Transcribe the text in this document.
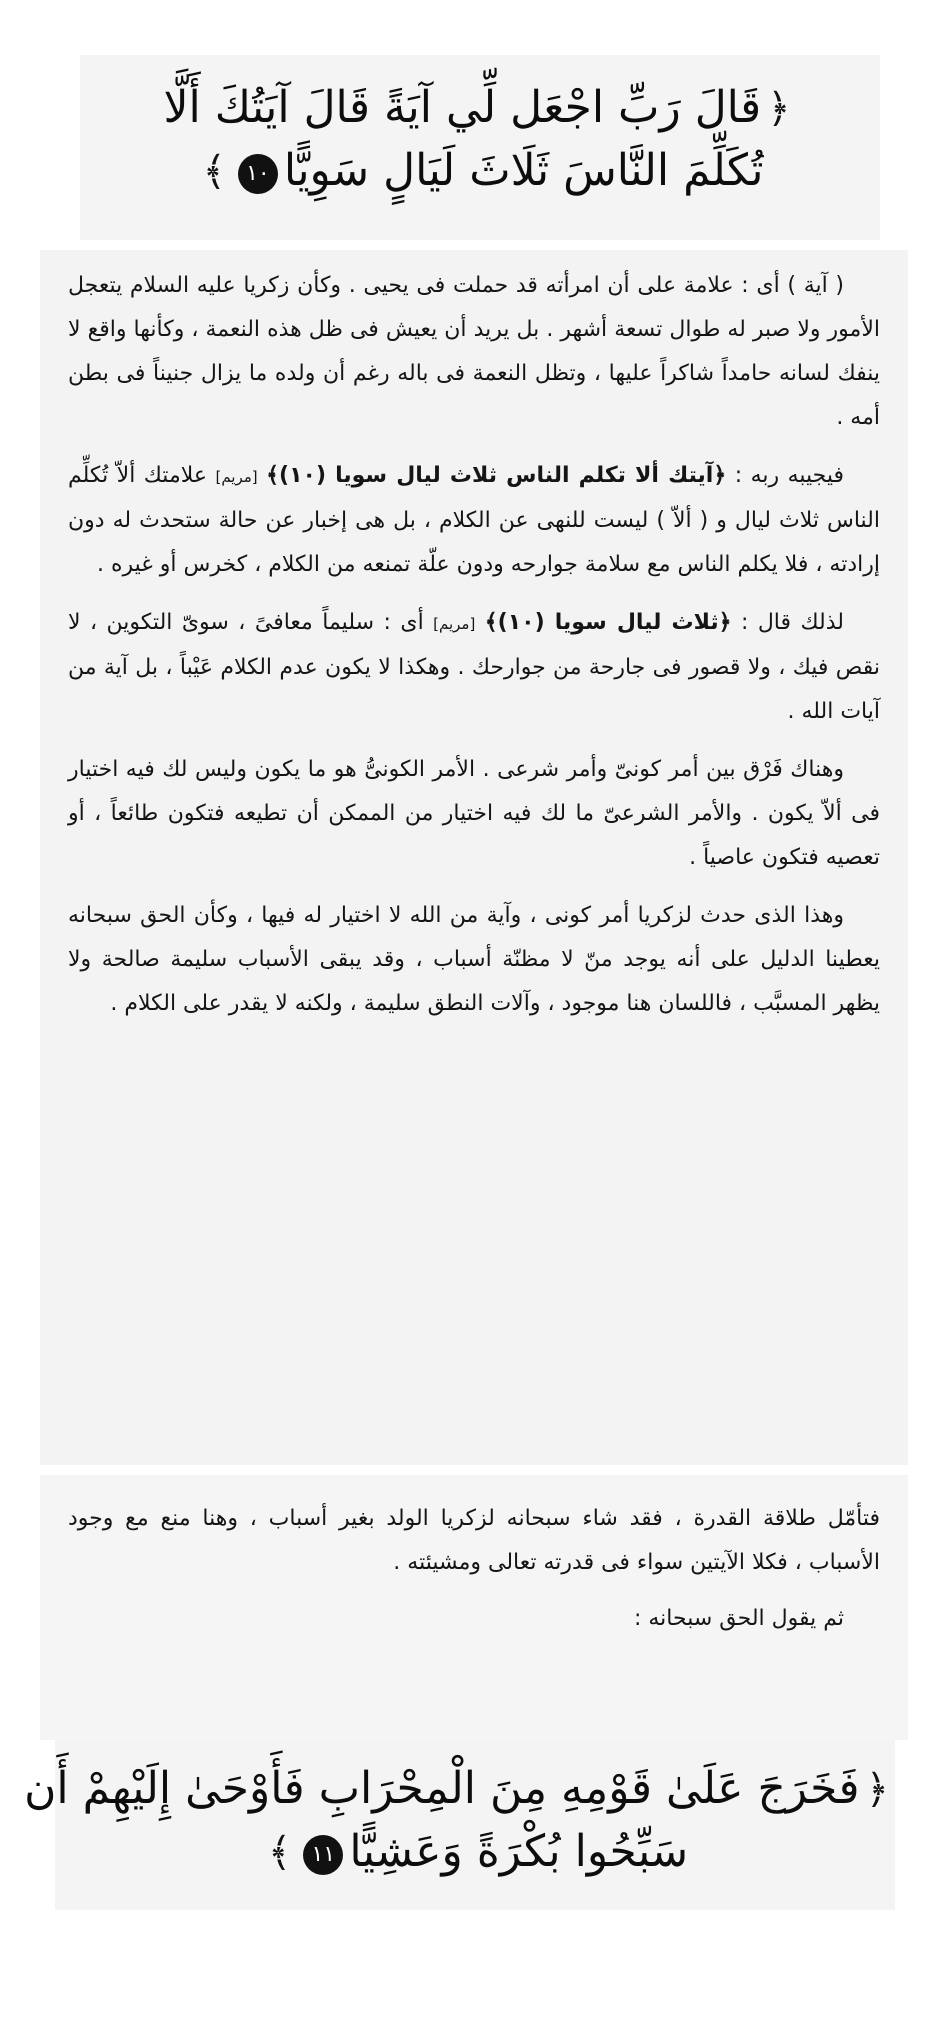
﴿قَالَ رَبِّ اجْعَل لِّي آيَةً قَالَ آيَتُكَ أَلَّا
تُكَلِّمَ النَّاسَ ثَلَاثَ لَيَالٍ سَوِيًّا١٠﴾

( آية ) أى : علامة على أن امرأته قد حملت فى يحيى . وكأن زكريا عليه السلام يتعجل الأمور ولا صبر له طوال تسعة أشهر . بل يريد أن يعيش فى ظل هذه النعمة ، وكأنها واقع لا ينفك لسانه حامداً شاكراً عليها ، وتظل النعمة فى باله رغم أن ولده ما يزال جنيناً فى بطن أمه .

فيجيبه ربه : ﴿آيتك ألا تكلم الناس ثلاث ليال سويا (١٠)﴾ [مريم] علامتك ألاّ تُكلِّم الناس ثلاث ليال و ( ألاّ ) ليست للنهى عن الكلام ، بل هى إخبار عن حالة ستحدث له دون إرادته ، فلا يكلم الناس مع سلامة جوارحه ودون علّة تمنعه من الكلام ، كخرس أو غيره .

لذلك قال : ﴿ثلاث ليال سويا (١٠)﴾ [مريم] أى : سليماً معافىً ، سوىّ التكوين ، لا نقص فيك ، ولا قصور فى جارحة من جوارحك . وهكذا لا يكون عدم الكلام عَيْباً ، بل آية من آيات الله .

وهناك فَرْق بين أمر كونىّ وأمر شرعى . الأمر الكونىُّ هو ما يكون وليس لك فيه اختيار فى ألاّ يكون . والأمر الشرعىّ ما لك فيه اختيار من الممكن أن تطيعه فتكون طائعاً ، أو تعصيه فتكون عاصياً .

وهذا الذى حدث لزكريا أمر كونى ، وآية من الله لا اختيار له فيها ، وكأن الحق سبحانه يعطينا الدليل على أنه يوجد منّ لا مظنّة أسباب ، وقد يبقى الأسباب سليمة صالحة ولا يظهر المسبَّب ، فاللسان هنا موجود ، وآلات النطق سليمة ، ولكنه لا يقدر على الكلام .

فتأمّل طلاقة القدرة ، فقد شاء سبحانه لزكريا الولد بغير أسباب ، وهنا منع مع وجود الأسباب ، فكلا الآيتين سواء فى قدرته تعالى ومشيئته .

ثم يقول الحق سبحانه :

﴿فَخَرَجَ عَلَىٰ قَوْمِهِ مِنَ الْمِحْرَابِ فَأَوْحَىٰ إِلَيْهِمْ أَن
سَبِّحُوا بُكْرَةً وَعَشِيًّا١١﴾
